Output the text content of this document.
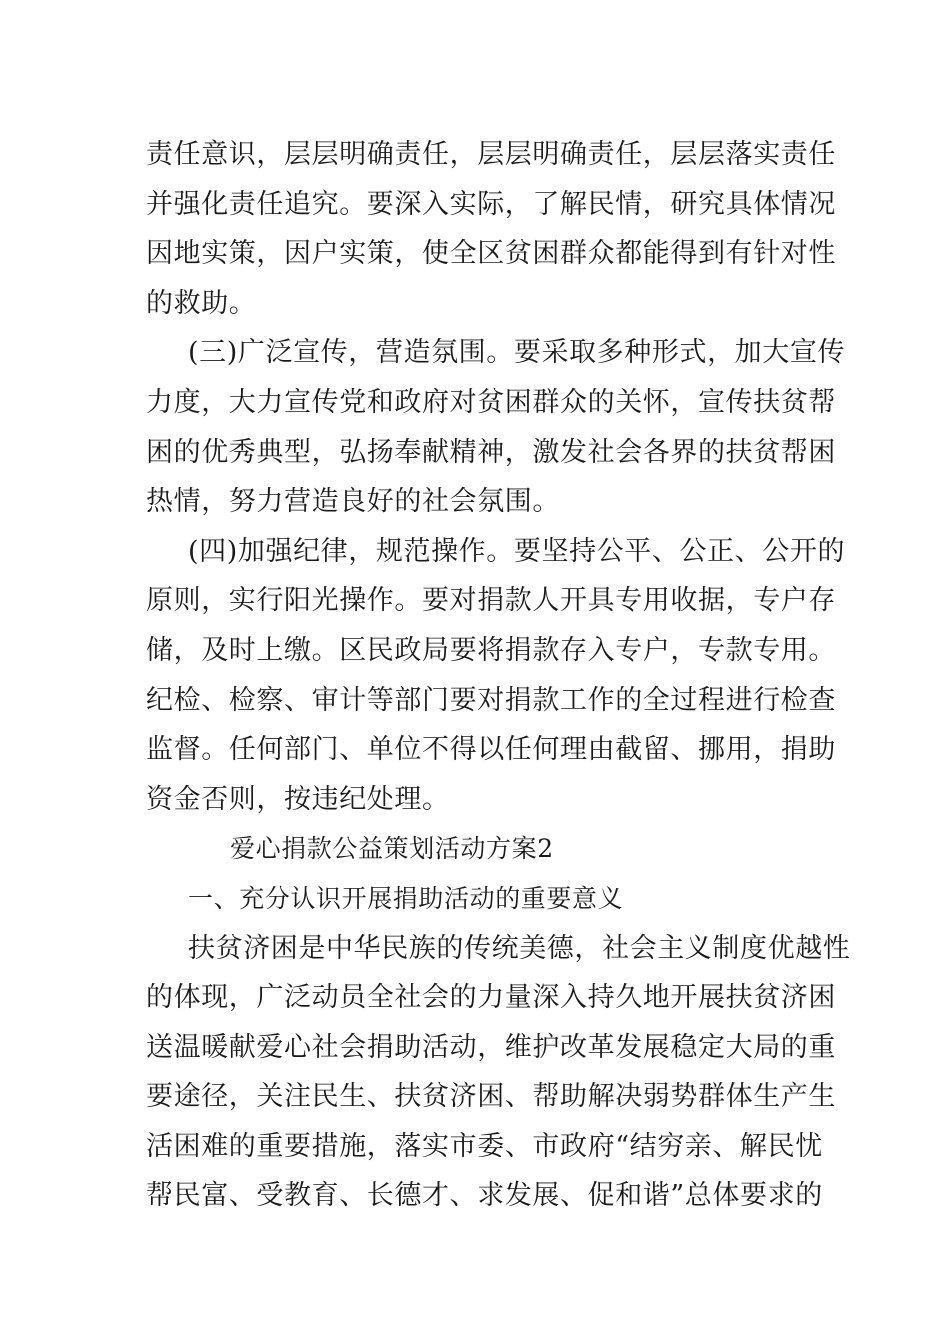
责任意识，层层明确责任，层层明确责任，层层落实责任
并强化责任追究。要深入实际，了解民情，研究具体情况
因地实策，因户实策，使全区贫困群众都能得到有针对性
的救助。
(三)广泛宣传，营造氛围。要采取多种形式，加大宣传
力度，大力宣传党和政府对贫困群众的关怀，宣传扶贫帮
困的优秀典型，弘扬奉献精神，激发社会各界的扶贫帮困
热情，努力营造良好的社会氛围。
(四)加强纪律，规范操作。要坚持公平、公正、公开的
原则，实行阳光操作。要对捐款人开具专用收据，专户存
储，及时上缴。区民政局要将捐款存入专户，专款专用。
纪检、检察、审计等部门要对捐款工作的全过程进行检查
监督。任何部门、单位不得以任何理由截留、挪用，捐助
资金否则，按违纪处理。
爱心捐款公益策划活动方案2
一、充分认识开展捐助活动的重要意义
扶贫济困是中华民族的传统美德，社会主义制度优越性
的体现，广泛动员全社会的力量深入持久地开展扶贫济困
送温暖献爱心社会捐助活动，维护改革发展稳定大局的重
要途径，关注民生、扶贫济困、帮助解决弱势群体生产生
活困难的重要措施，落实市委、市政府“结穷亲、解民忧
帮民富、受教育、长德才、求发展、促和谐”总体要求的
